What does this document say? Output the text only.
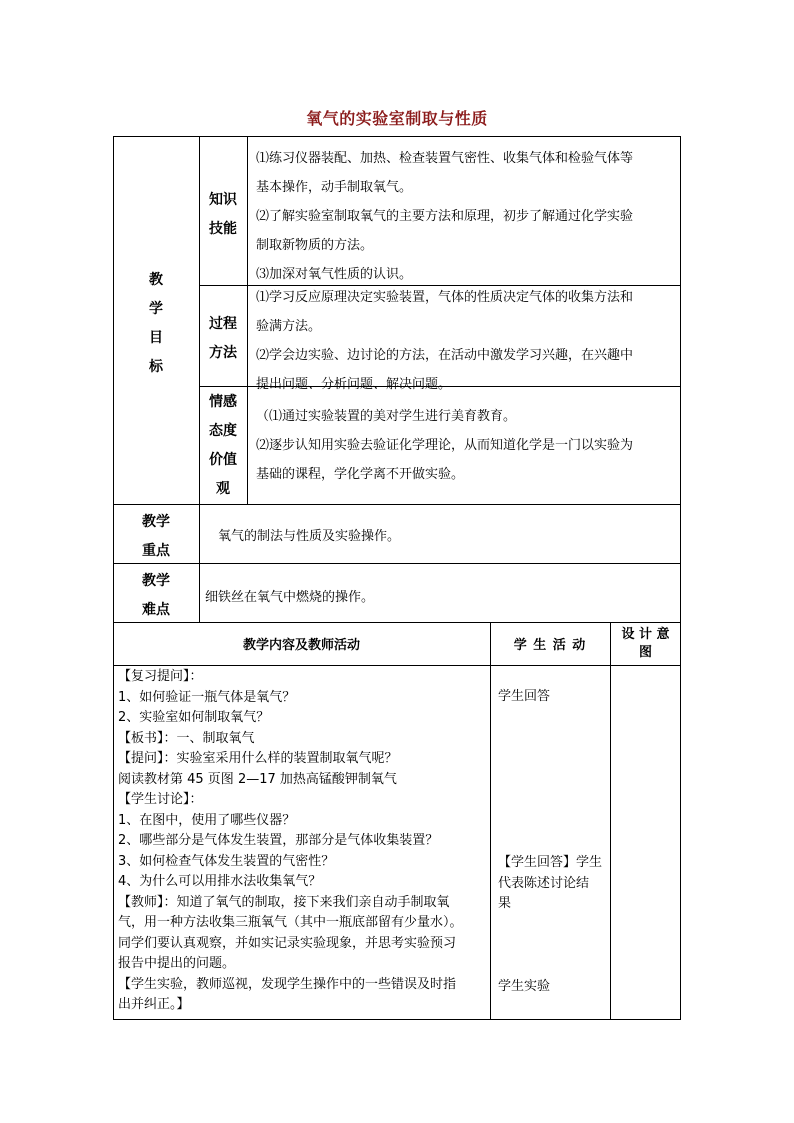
氧气的实验室制取与性质
教
学
目
标
知识
技能
⑴练习仪器装配、加热、检查装置气密性、收集气体和检验气体等
基本操作，动手制取氧气。
⑵了解实验室制取氧气的主要方法和原理，初步了解通过化学实验
制取新物质的方法。
⑶加深对氧气性质的认识。
过程
方法
⑴学习反应原理决定实验装置，气体的性质决定气体的收集方法和
验满方法。
⑵学会边实验、边讨论的方法，在活动中激发学习兴趣，在兴趣中
提出问题、分析问题、解决问题。
情感
态度
价值
观
（⑴通过实验装置的美对学生进行美育教育。
⑵逐步认知用实验去验证化学理论，从而知道化学是一门以实验为
基础的课程，学化学离不开做实验。
教学
重点
氧气的制法与性质及实验操作。
教学
难点
细铁丝在氧气中燃烧的操作。
教学内容及教师活动	学 生 活 动
设 计 意
图
【复习提问】：
1、如何验证一瓶气体是氧气？
2、实验室如何制取氧气？
【板书】：一、制取氧气
【提问】：实验室采用什么样的装置制取氧气呢？
阅读教材第 45 页图 2—17 加热高锰酸钾制氧气
【学生讨论】：
1、在图中，使用了哪些仪器？
2、哪些部分是气体发生装置，那部分是气体收集装置？
3、如何检查气体发生装置的气密性？
4、为什么可以用排水法收集氧气？
【教师】：知道了氧气的制取，接下来我们亲自动手制取氧
气，用一种方法收集三瓶氧气（其中一瓶底部留有少量水）。
同学们要认真观察，并如实记录实验现象，并思考实验预习
报告中提出的问题。
【学生实验，教师巡视，发现学生操作中的一些错误及时指
出并纠正。】
学生回答
【学生回答】学生
代表陈述讨论结
果
学生实验
